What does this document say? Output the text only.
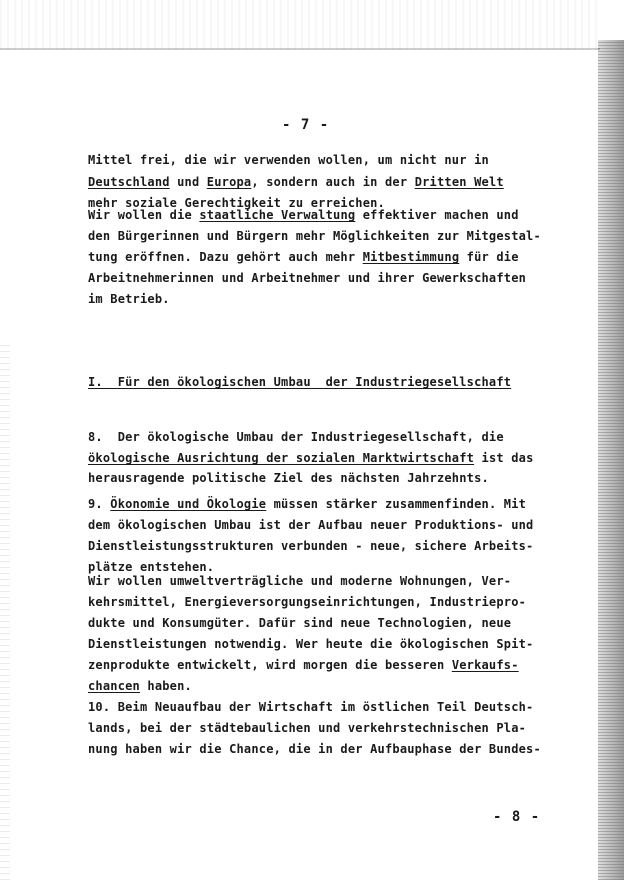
- 7 -
Mittel frei, die wir verwenden wollen, um nicht nur in
Deutschland und Europa, sondern auch in der Dritten Welt
mehr soziale Gerechtigkeit zu erreichen.
Wir wollen die staatliche Verwaltung effektiver machen und
den Bürgerinnen und Bürgern mehr Möglichkeiten zur Mitgestal-
tung eröffnen. Dazu gehört auch mehr Mitbestimmung für die
Arbeitnehmerinnen und Arbeitnehmer und ihrer Gewerkschaften
im Betrieb.
I.  Für den ökologischen Umbau  der Industriegesellschaft
8.  Der ökologische Umbau der Industriegesellschaft, die
ökologische Ausrichtung der sozialen Marktwirtschaft ist das
herausragende politische Ziel des nächsten Jahrzehnts.
9. Ökonomie und Ökologie müssen stärker zusammenfinden. Mit
dem ökologischen Umbau ist der Aufbau neuer Produktions- und
Dienstleistungsstrukturen verbunden - neue, sichere Arbeits-
plätze entstehen.
Wir wollen umweltverträgliche und moderne Wohnungen, Ver-
kehrsmittel, Energieversorgungseinrichtungen, Industriepro-
dukte und Konsumgüter. Dafür sind neue Technologien, neue
Dienstleistungen notwendig. Wer heute die ökologischen Spit-
zenprodukte entwickelt, wird morgen die besseren Verkaufs-
chancen haben.
10. Beim Neuaufbau der Wirtschaft im östlichen Teil Deutsch-
lands, bei der städtebaulichen und verkehrstechnischen Pla-
nung haben wir die Chance, die in der Aufbauphase der Bundes-
- 8 -
